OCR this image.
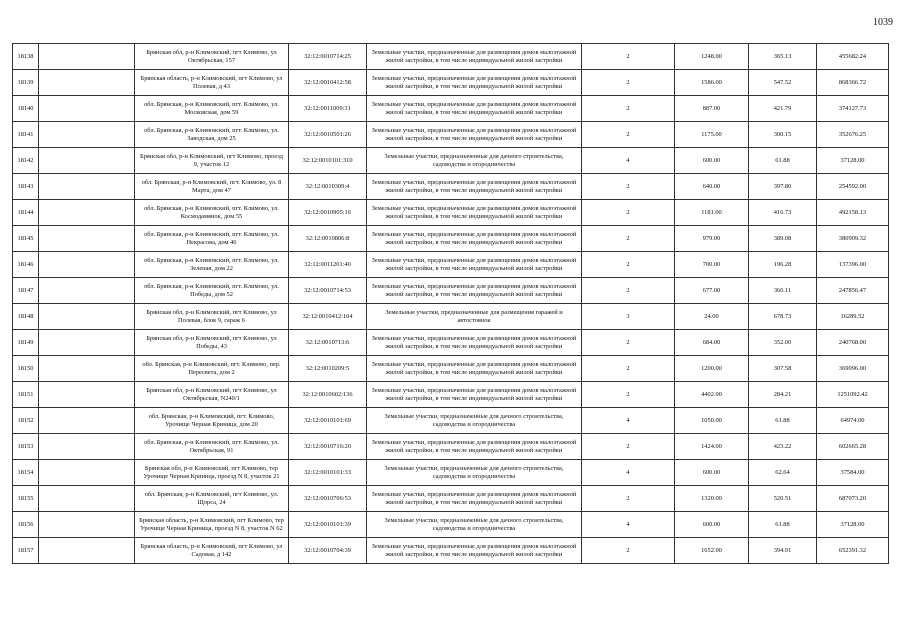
1039
18138		Брянская обл, р-н Климовский, пгт Климово, ул Октябрьская, 157	32:12:0010714:25	Земельные участки, предназначенные для размещения домов малоэтажной жилой застройки, в том числе индивидуальной жилой застройки	2	1248.00	365.13	455682.24
18139		Брянская область, р-н Климовский, пгт Климово, ул Полевая, д 43	32:12:0010412:58	Земельные участки, предназначенные для размещения домов малоэтажной жилой застройки, в том числе индивидуальной жилой застройки	2	1586.00	547.52	868366.72
18140		обл. Брянская, р-н Климовский, пгт. Климово, ул. Московская, дом 59	32:12:0011009:31	Земельные участки, предназначенные для размещения домов малоэтажной жилой застройки, в том числе индивидуальной жилой застройки	2	887.00	421.79	374127.73
18141		обл. Брянская, р-н Климовский, пгт. Климово, ул. Заводская, дом 25	32:12:0010501:26	Земельные участки, предназначенные для размещения домов малоэтажной жилой застройки, в том числе индивидуальной жилой застройки	2	1175.00	300.15	352676.25
18142		Брянская обл, р-н Климовский, пгт Климово, проезд 9, участок 12	32:12:0010101:310	Земельные участки, предназначенные для дачного строительства, садоводства и огородничества	4	600.00	61.88	37128.00
18143		обл. Брянская, р-н Климовский, пгт. Климово, ул. 8 Марта, дом 47	32:12:0010309:4	Земельные участки, предназначенные для размещения домов малоэтажной жилой застройки, в том числе индивидуальной жилой застройки	2	640.00	397.80	254592.00
18144		обл. Брянская, р-н Климовский, пгт. Климово, ул. Космодамянок, дом 55	32:12:0010905:16	Земельные участки, предназначенные для размещения домов малоэтажной жилой застройки, в том числе индивидуальной жилой застройки	2	1181.00	416.73	492158.13
18145		обл. Брянская, р-н Климовский, пгт. Климово, ул. Некрасова, дом 46	32:12:0010806:8	Земельные участки, предназначенные для размещения домов малоэтажной жилой застройки, в том числе индивидуальной жилой застройки	2	979.00	389.08	380909.32
18146		обл. Брянская, р-н Климовский, пгт. Климово, ул. Зеленая, дом 22	32:12:0011201:40	Земельные участки, предназначенные для размещения домов малоэтажной жилой застройки, в том числе индивидуальной жилой застройки	2	700.00	196.28	137396.00
18147		обл. Брянская, р-н Климовский, пгт. Климово, ул. Победы, дом 52	32:12:0010714:53	Земельные участки, предназначенные для размещения домов малоэтажной жилой застройки, в том числе индивидуальной жилой застройки	2	677.00	366.11	247856.47
18148		Брянская обл, р-н Климовский, пгт Климово, ул Полевая, блок 9, гараж 6	32:12:0010412:104	Земельные участки, предназначенные для размещения гаражей и автостоянок	3	24.00	678.73	16289.52
18149		Брянская обл, р-н Климовский, пгт Климово, ул Победы, 43	32:12:0010713:6	Земельные участки, предназначенные для размещения домов малоэтажной жилой застройки, в том числе индивидуальной жилой застройки	2	684.00	352.00	240768.00
18150		обл. Брянская, р-н Климовский, пгт. Климово, пер. Пересвета, дом 2	32:12:0010209:5	Земельные участки, предназначенные для размещения домов малоэтажной жилой застройки, в том числе индивидуальной жилой застройки	2	1200.00	307.58	369096.00
18151		Брянская обл, р-н Климовский, пгт Климово, ул Октябрьская, N240/1	32:12:0010602:136	Земельные участки, предназначенные для размещения домов малоэтажной жилой застройки, в том числе индивидуальной жилой застройки	2	4402.00	284.21	1251092.42
18152		обл. Брянская, р-н Климовский, пгт. Климово, Урочище Черная Криница, дом 20	32:12:0010101:69	Земельные участки, предназначенные для дачного строительства, садоводства и огородничества	4	1050.00	61.88	64974.00
18153		обл. Брянская, р-н Климовский, пгт. Климово, ул. Октябрьская, 91	32:12:0010716:20	Земельные участки, предназначенные для размещения домов малоэтажной жилой застройки, в том числе индивидуальной жилой застройки	2	1424.00	423.22	602665.28
18154		Брянская обл, р-н Климовский, пгт Климово, тер Урочище Черная Криница, проезд N 8, участок 21	32:12:0010101:33	Земельные участки, предназначенные для дачного строительства, садоводства и огородничества	4	600.00	62.64	37584.00
18155		обл. Брянская, р-н Климовский, пгт Климово, ул. Щорса, 24	32:12:0010706:53	Земельные участки, предназначенные для размещения домов малоэтажной жилой застройки, в том числе индивидуальной жилой застройки	2	1320.00	520.51	687073.20
18156		Брянская область, р-н Климовский, пгт Климово, тер Урочище Черная Криница, проезд N 8, участок N 62	32:12:0010101:39	Земельные участки, предназначенные для дачного строительства, садоводства и огородничества	4	600.00	61.88	37128.00
18157		Брянская область, р-н Климовский, пгт Климово, ул Садовая, д 142	32:12:0010704:39	Земельные участки, предназначенные для размещения домов малоэтажной жилой застройки, в том числе индивидуальной жилой застройки	2	1652.00	394.91	652391.32
